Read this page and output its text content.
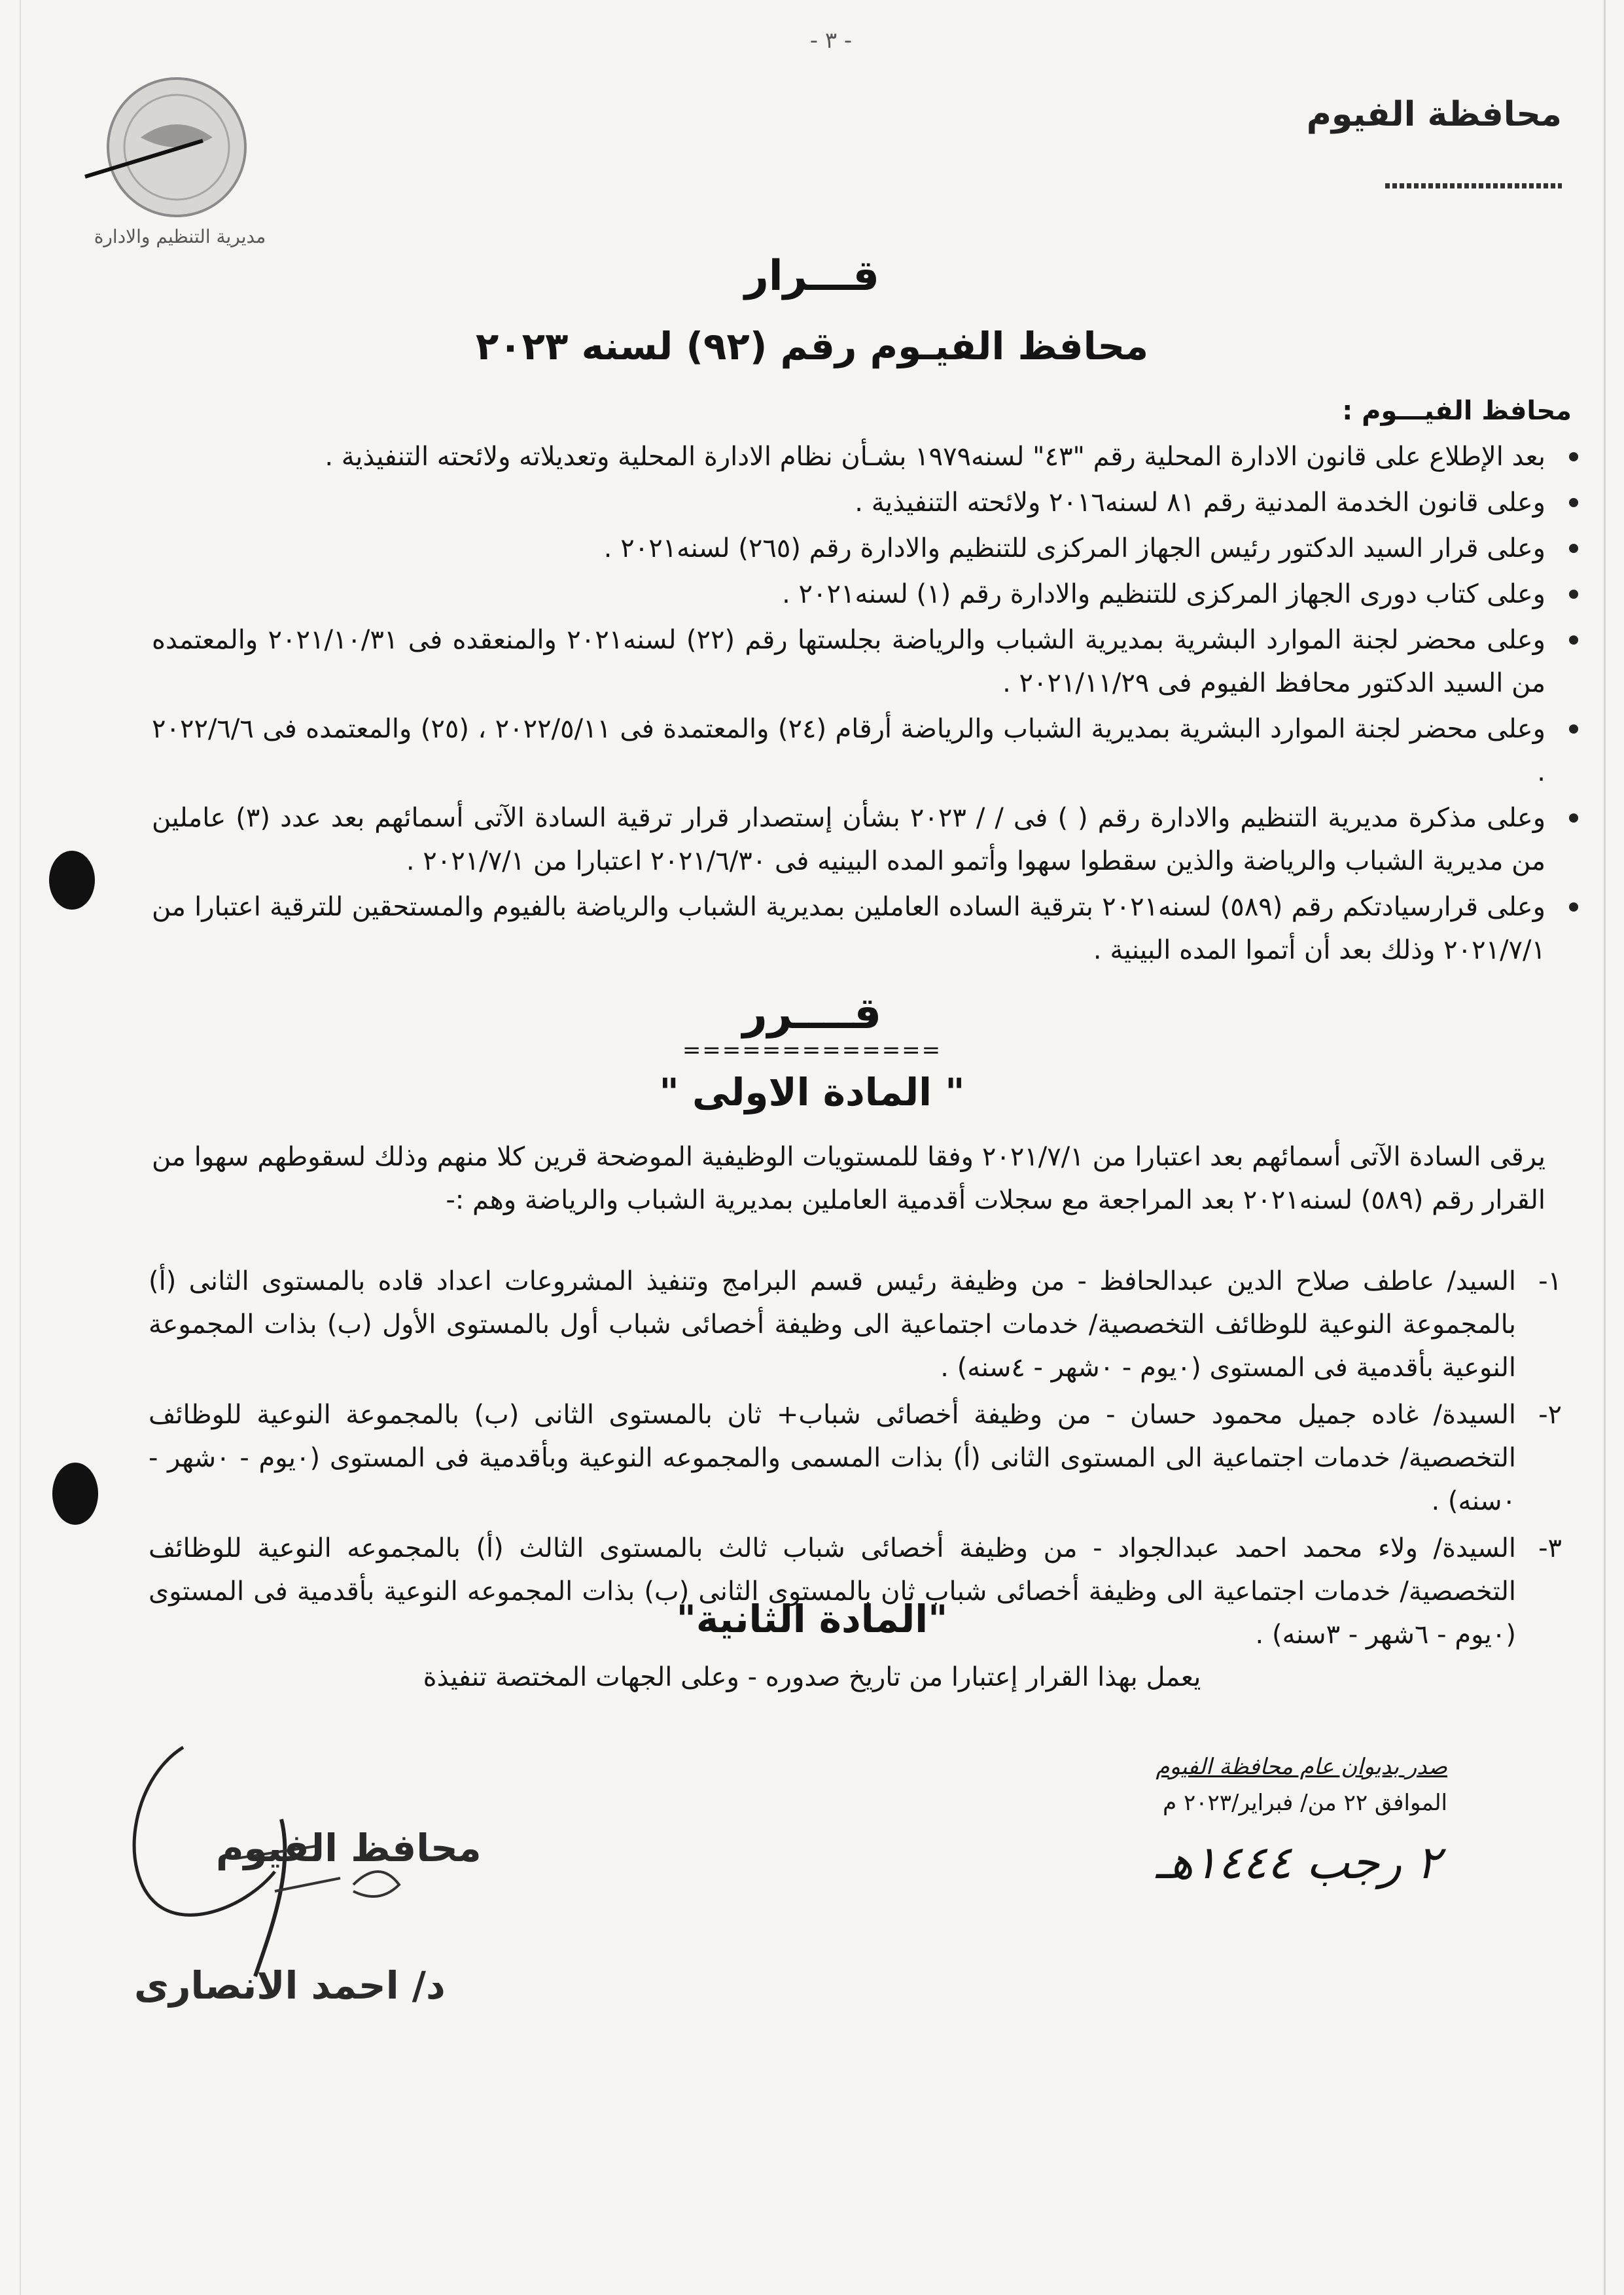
- ٣ -
محافظة الفيوم
مديرية التنظيم والادارة
قـــرار
محافظ الفيـوم رقم (٩٢) لسنه ٢٠٢٣
محافظ الفيـــوم :
بعد الإطلاع على قانون الادارة المحلية رقم "٤٣" لسنه١٩٧٩ بشـأن نظام الادارة المحلية وتعديلاته ولائحته التنفيذية .
وعلى قانون الخدمة المدنية رقم ٨١ لسنه٢٠١٦ ولائحته التنفيذية .
وعلى قرار السيد الدكتور رئيس الجهاز المركزى للتنظيم والادارة رقم (٢٦٥) لسنه٢٠٢١ .
وعلى كتاب دورى الجهاز المركزى للتنظيم والادارة رقم (١) لسنه٢٠٢١ .
وعلى محضر لجنة الموارد البشرية بمديرية الشباب والرياضة بجلستها رقم (٢٢) لسنه٢٠٢١ والمنعقده فى ٢٠٢١/١٠/٣١ والمعتمده من السيد الدكتور محافظ الفيوم فى ٢٠٢١/١١/٢٩ .
وعلى محضر لجنة الموارد البشرية بمديرية الشباب والرياضة أرقام (٢٤) والمعتمدة فى ٢٠٢٢/٥/١١ ، (٢٥) والمعتمده فى ٢٠٢٢/٦/٦ .
وعلى مذكرة مديرية التنظيم والادارة رقم ( ) فى / / ٢٠٢٣ بشأن إستصدار قرار ترقية السادة الآتى أسمائهم بعد عدد (٣) عاملين من مديرية الشباب والرياضة والذين سقطوا سهوا وأتمو المده البينيه فى ٢٠٢١/٦/٣٠ اعتبارا من ٢٠٢١/٧/١ .
وعلى قرارسيادتكم رقم (٥٨٩) لسنه٢٠٢١ بترقية الساده العاملين بمديرية الشباب والرياضة بالفيوم والمستحقين للترقية اعتبارا من ٢٠٢١/٧/١ وذلك بعد أن أتموا المده البينية .
قــــرر
=============
" المادة الاولى "
يرقى السادة الآتى أسمائهم بعد اعتبارا من ٢٠٢١/٧/١ وفقا للمستويات الوظيفية الموضحة قرين كلا منهم وذلك لسقوطهم سهوا من القرار رقم (٥٨٩) لسنه٢٠٢١ بعد المراجعة مع سجلات أقدمية العاملين بمديرية الشباب والرياضة وهم :-
١-
السيد/ عاطف صلاح الدين عبدالحافظ - من وظيفة رئيس قسم البرامج وتنفيذ المشروعات اعداد قاده بالمستوى الثانى (أ) بالمجموعة النوعية للوظائف التخصصية/ خدمات اجتماعية الى وظيفة أخصائى شباب أول بالمستوى الأول (ب) بذات المجموعة النوعية بأقدمية فى المستوى (٠يوم - ٠شهر - ٤سنه) .
٢-
السيدة/ غاده جميل محمود حسان - من وظيفة أخصائى شباب+ ثان بالمستوى الثانى (ب) بالمجموعة النوعية للوظائف التخصصية/ خدمات اجتماعية الى المستوى الثانى (أ) بذات المسمى والمجموعه النوعية وبأقدمية فى المستوى (٠يوم - ٠شهر - ٠سنه) .
٣-
السيدة/ ولاء محمد احمد عبدالجواد - من وظيفة أخصائى شباب ثالث بالمستوى الثالث (أ) بالمجموعه النوعية للوظائف التخصصية/ خدمات اجتماعية الى وظيفة أخصائى شباب ثان بالمستوى الثانى (ب) بذات المجموعه النوعية بأقدمية فى المستوى (٠يوم - ٦شهر - ٣سنه) .
"المادة الثانية"
يعمل بهذا القرار إعتبارا من تاريخ صدوره - وعلى الجهات المختصة تنفيذة
صدر بديوان عام محافظة الفيوم
الموافق ٢٢ من/ فبراير/٢٠٢٣ م
٢ رجب ١٤٤٤هـ
محافظ الفيوم
د/ احمد الانصارى
